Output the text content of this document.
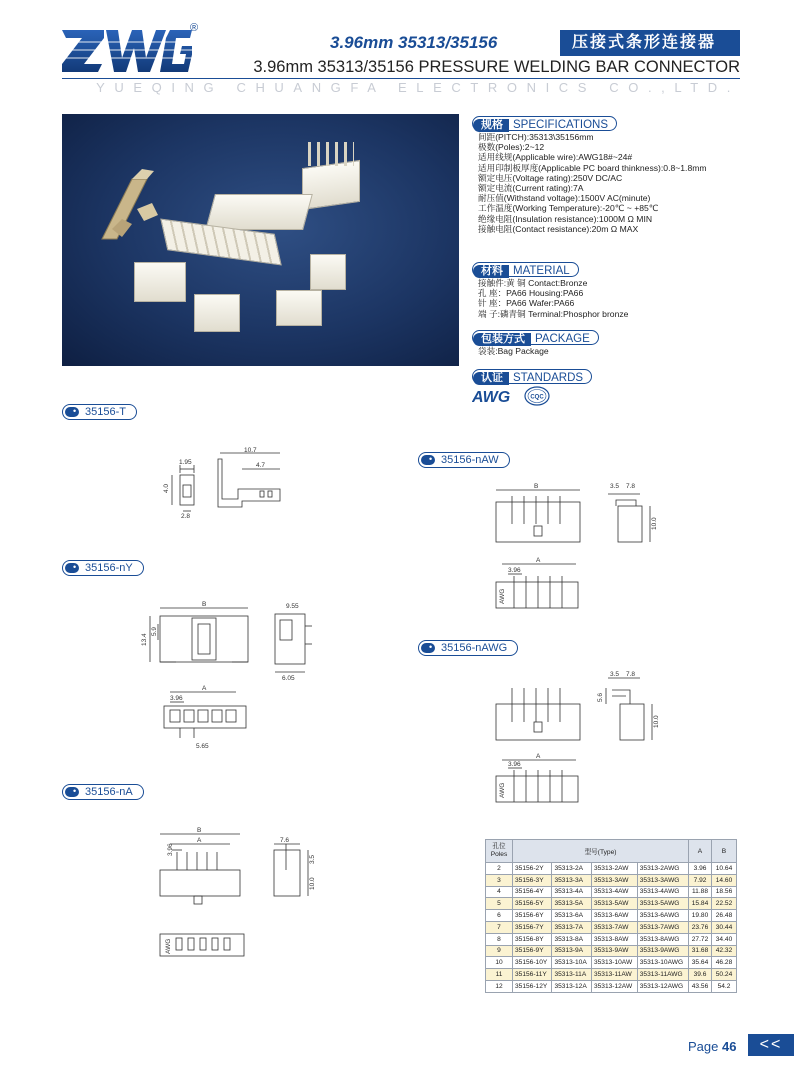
®
3.96mm 35313/35156	压接式条形连接器
3.96mm 35313/35156 PRESSURE WELDING BAR CONNECTOR
YUEQING CHUANGFA ELECTRONICS CO.,LTD.
规格 SPECIFICATIONS
间距(PITCH):35313\35156mm
极数(Poles):2~12
适用线规(Applicable wire):AWG18#~24#
适用印制板厚度(Applicable PC board thinkness):0.8~1.8mm
额定电压(Voltage rating):250V DC/AC
额定电流(Current rating):7A
耐压值(Withstand voltage):1500V AC(minute)
工作温度(Working Temperature):-20℃ ~ +85℃
绝缘电阻(Insulation resistance):1000M Ω MIN
接触电阻(Contact resistance):20m Ω MAX
材料 MATERIAL
接触件:黄 铜 Contact:Bronze
孔 座：PA66 Housing:PA66
针 座：PA66 Wafer:PA66
端 子:磷青铜 Terminal:Phosphor bronze
包装方式 PACKAGE
袋装:Bag Package
认证 STANDARDS
AWG	CQC
35156-T •
35156-nAW •
35156-nY •
35156-nAWG •
35156-nA •
1.95
4.0
2.8
10.7
4.7
B	9.55
13.4
5.9
6.05
A
3.96
5.65
B
A
3.96
7.6
3.5
10.0
AWG
B	3.5 7.8
10.0
A
3.96
AWG
3.5 7.8
5.6
10.0
A
3.96
AWG
孔位
Poles	型号(Type)				A	B
2	35156-2Y	35313-2A	35313-2AW	35313-2AWG	3.96	10.64
3	35156-3Y	35313-3A	35313-3AW	35313-3AWG	7.92	14.60
4	35156-4Y	35313-4A	35313-4AW	35313-4AWG	11.88	18.56
5	35156-5Y	35313-5A	35313-5AW	35313-5AWG	15.84	22.52
6	35156-6Y	35313-6A	35313-6AW	35313-6AWG	19.80	26.48
7	35156-7Y	35313-7A	35313-7AW	35313-7AWG	23.76	30.44
8	35156-8Y	35313-8A	35313-8AW	35313-8AWG	27.72	34.40
9	35156-9Y	35313-9A	35313-9AW	35313-9AWG	31.68	42.32
10	35156-10Y	35313-10A	35313-10AW	35313-10AWG	35.64	46.28
11	35156-11Y	35313-11A	35313-11AW	35313-11AWG	39.6	50.24
12	35156-12Y	35313-12A	35313-12AW	35313-12AWG	43.56	54.2
Page 46	<<
